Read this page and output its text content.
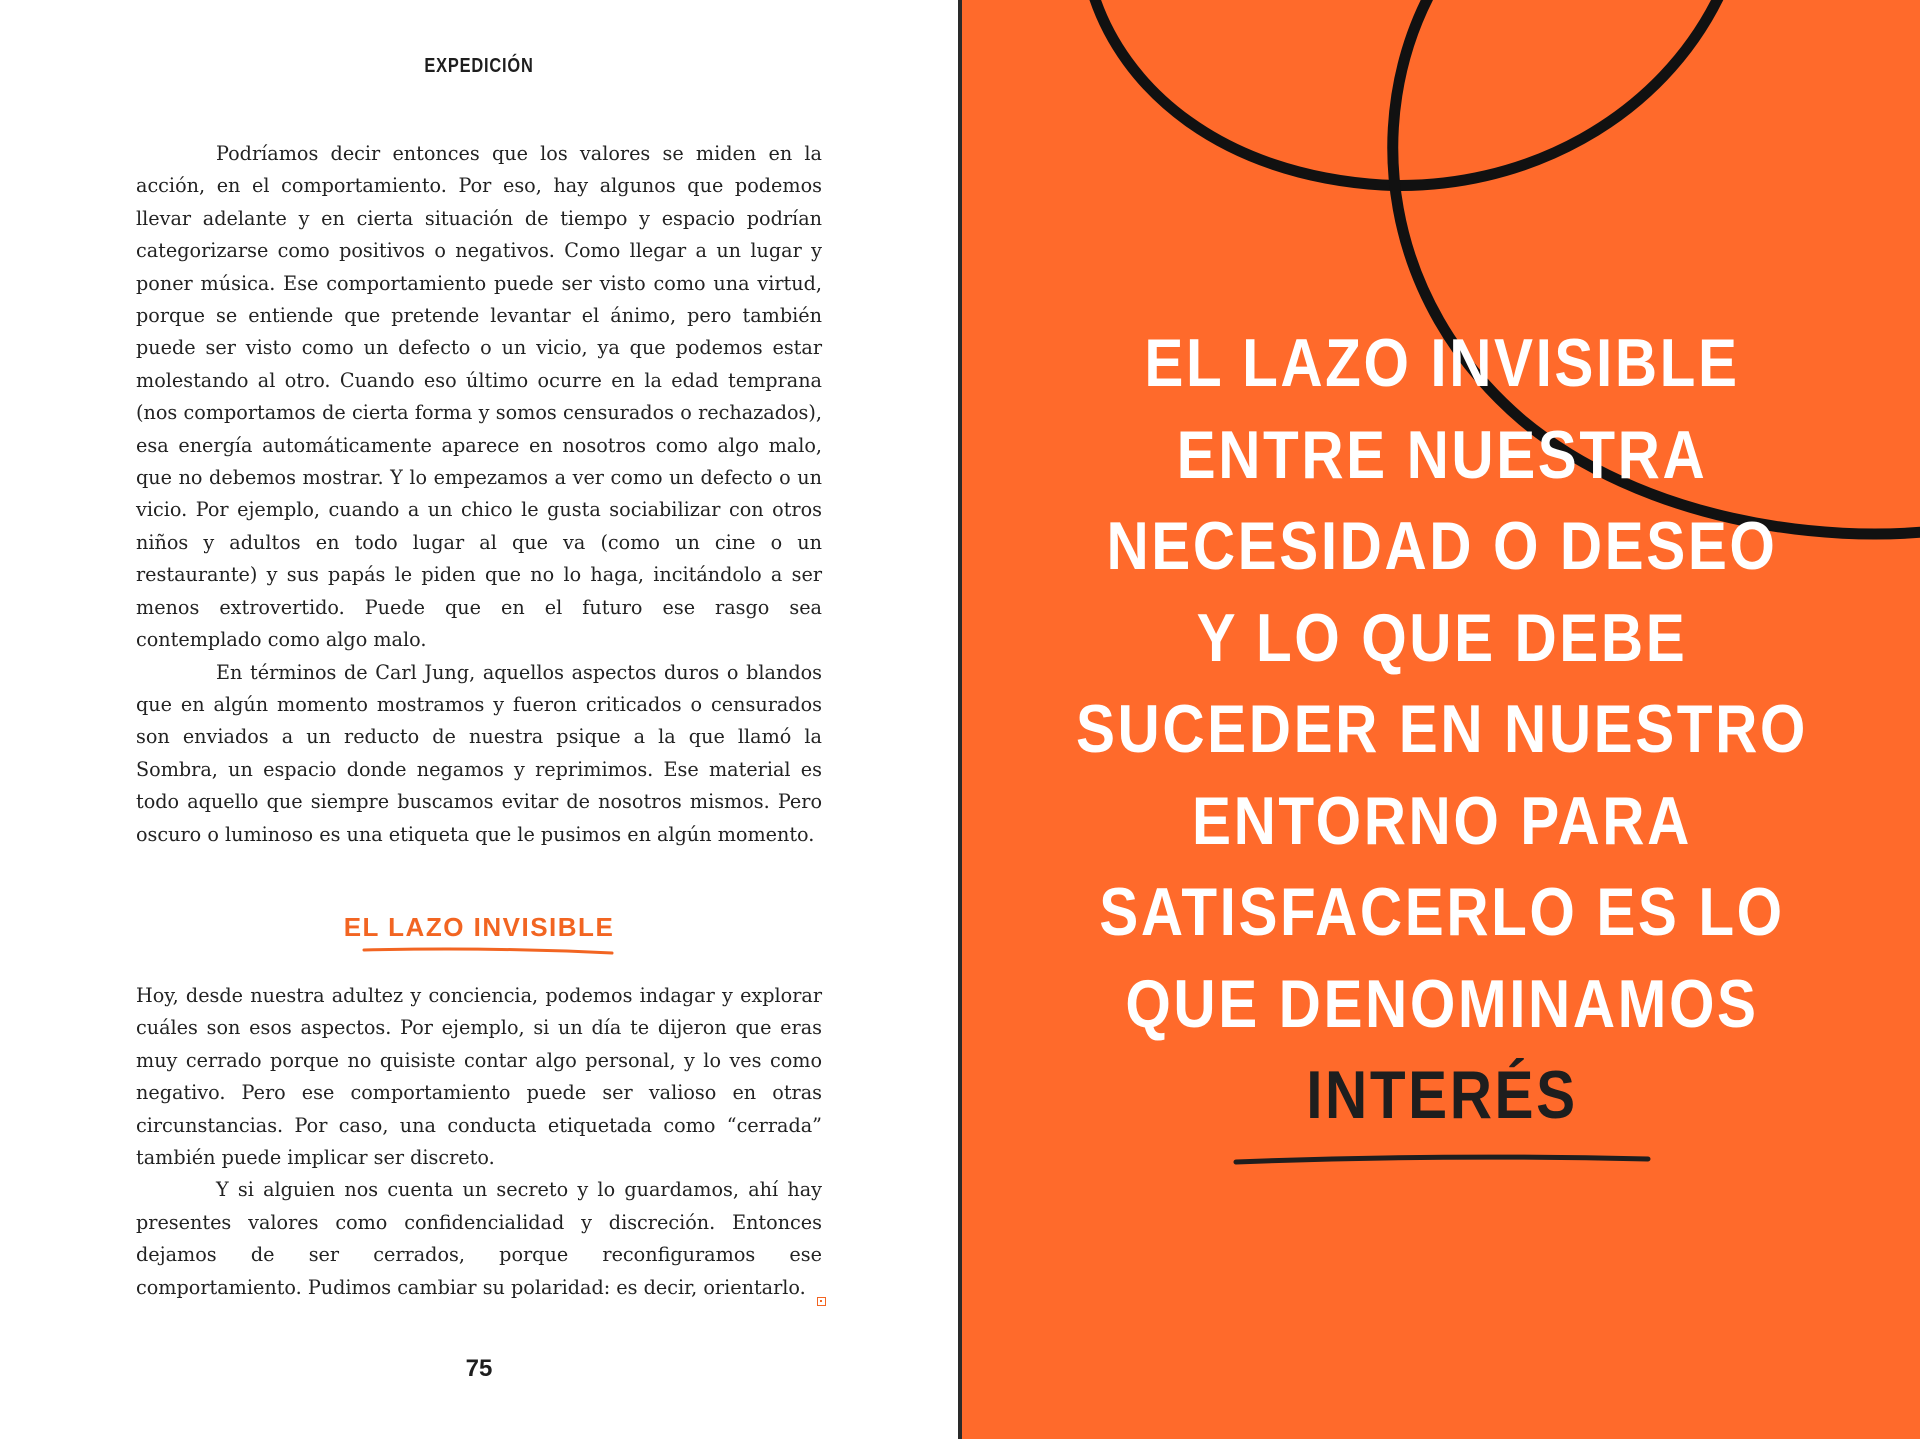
EXPEDICIÓN

Podríamos decir entonces que los valores se miden en la acción, en el comportamiento. Por eso, hay algunos que podemos llevar adelante y en cierta situación de tiempo y espacio podrían categorizarse como positivos o negativos. Como llegar a un lugar y poner música. Ese comportamiento puede ser visto como una virtud, porque se entiende que pretende levantar el ánimo, pero también puede ser visto como un defecto o un vicio, ya que podemos estar molestando al otro. Cuando eso último ocurre en la edad temprana (nos comportamos de cierta forma y somos censurados o rechazados), esa energía automáticamente aparece en nosotros como algo malo, que no debemos mostrar. Y lo empezamos a ver como un defecto o un vicio. Por ejemplo, cuando a un chico le gusta sociabilizar con otros niños y adultos en todo lugar al que va (como un cine o un restaurante) y sus papás le piden que no lo haga, incitándolo a ser menos extrovertido. Puede que en el futuro ese rasgo sea contemplado como algo malo.

En términos de Carl Jung, aquellos aspectos duros o blandos que en algún momento mostramos y fueron criticados o censurados son enviados a un reducto de nuestra psique a la que llamó la Sombra, un espacio donde negamos y reprimimos. Ese material es todo aquello que siempre buscamos evitar de nosotros mismos. Pero oscuro o luminoso es una etiqueta que le pusimos en algún momento.

EL LAZO INVISIBLE

Hoy, desde nuestra adultez y conciencia, podemos indagar y explorar cuáles son esos aspectos. Por ejemplo, si un día te dijeron que eras muy cerrado porque no quisiste contar algo personal, y lo ves como negativo. Pero ese comportamiento puede ser valioso en otras circunstancias. Por caso, una conducta etiquetada como “cerrada” también puede implicar ser discreto.

Y si alguien nos cuenta un secreto y lo guardamos, ahí hay presentes valores como confidencialidad y discreción. Entonces dejamos de ser cerrados, porque reconfiguramos ese comportamiento. Pudimos cambiar su polaridad: es decir, orientarlo.

75
EL LAZO INVISIBLE
ENTRE NUESTRA
NECESIDAD O DESEO
Y LO QUE DEBE
SUCEDER EN NUESTRO
ENTORNO PARA
SATISFACERLO ES LO
QUE DENOMINAMOS
INTERÉS
